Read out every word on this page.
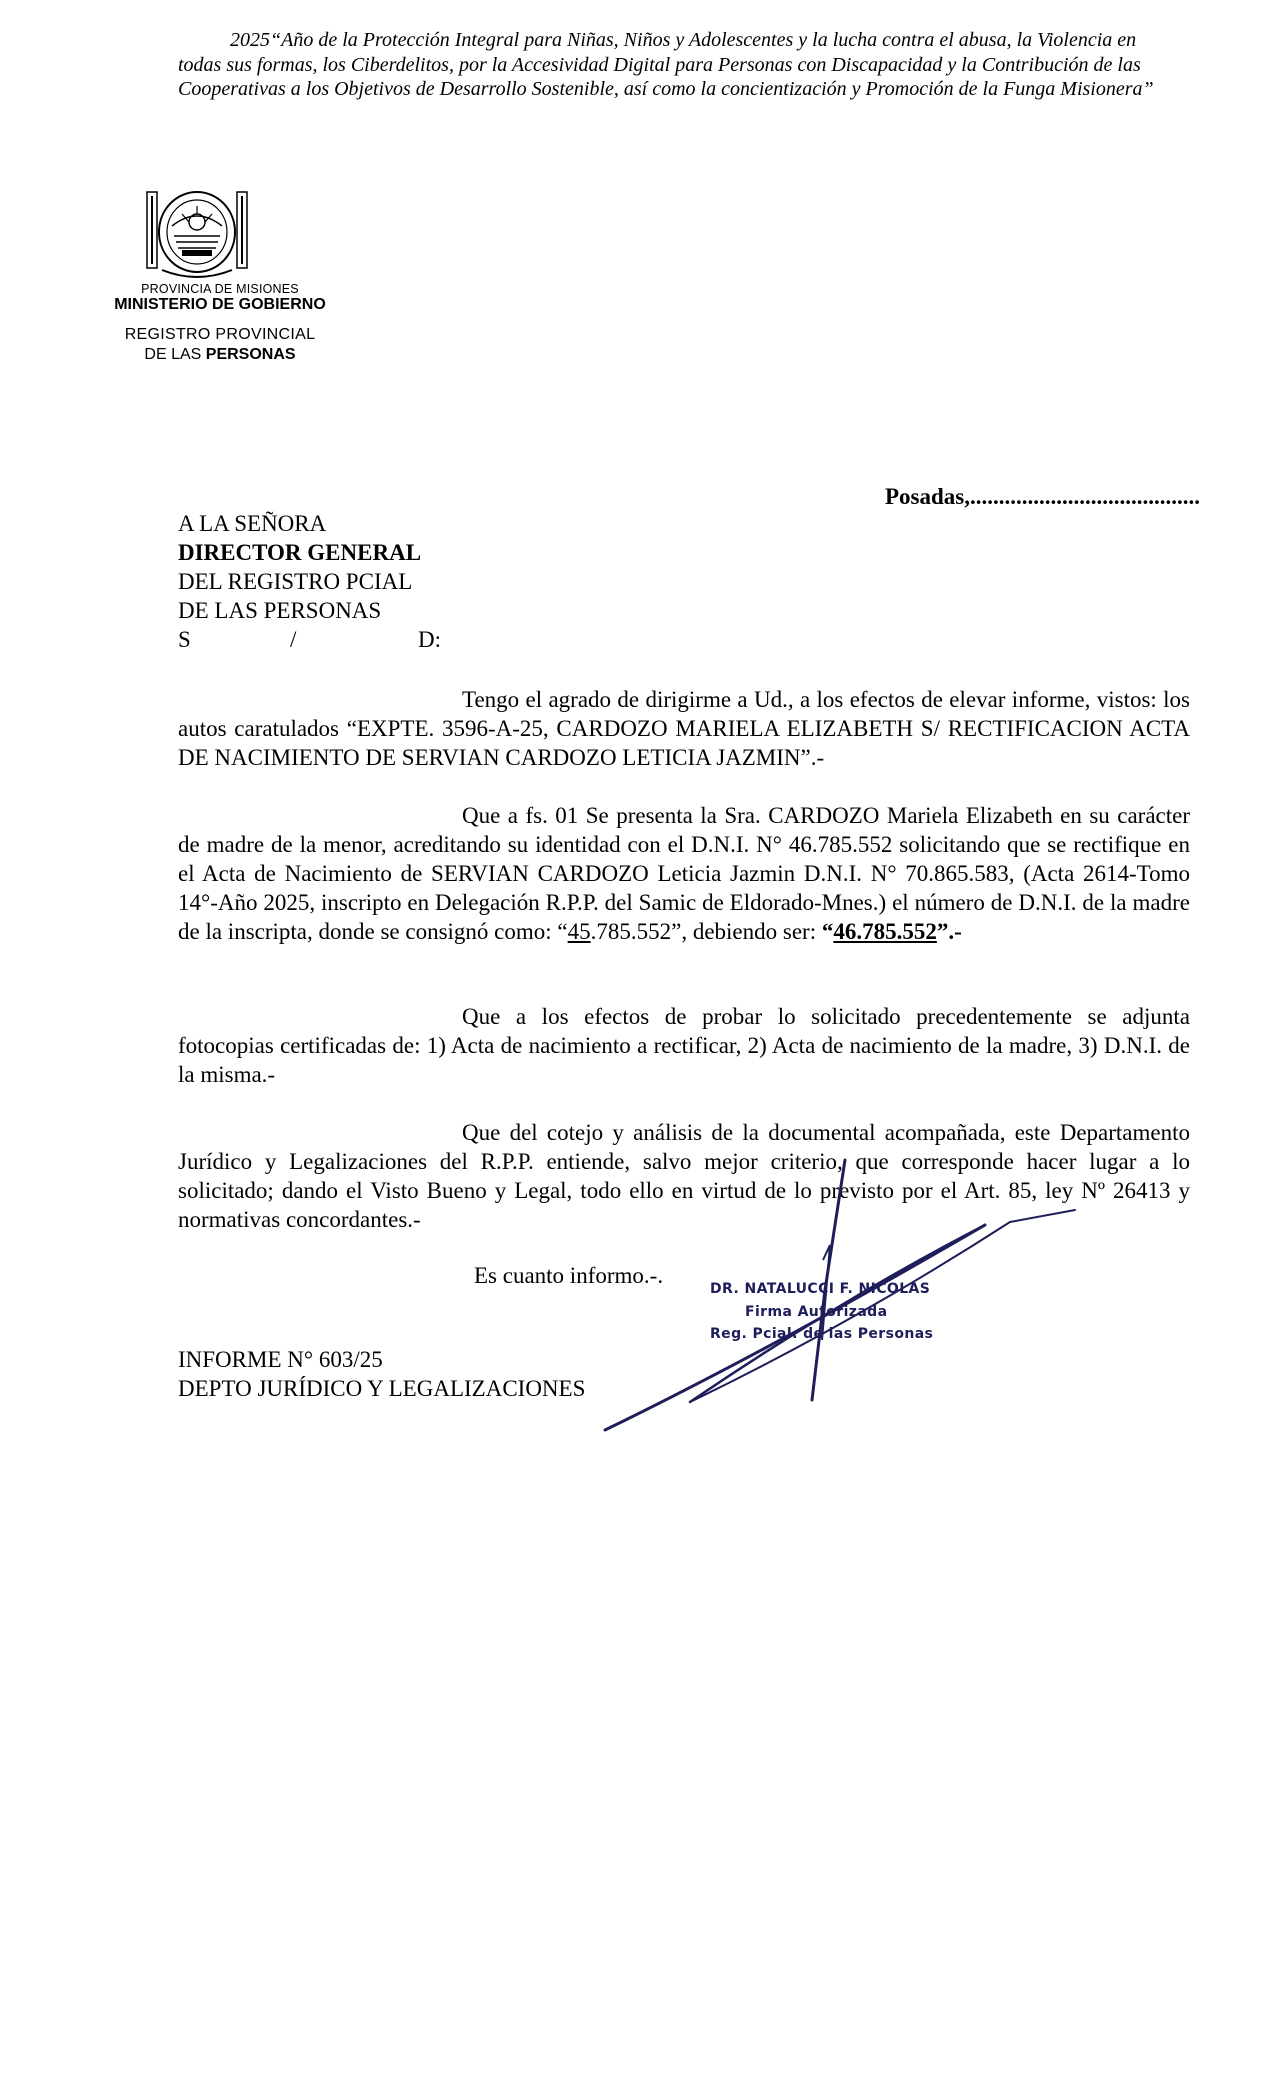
2025“Año de la Protección Integral para Niñas, Niños y Adolescentes y la lucha contra el abusa, la Violencia en todas sus formas, los Ciberdelitos, por la Accesividad Digital para Personas con Discapacidad y la Contribución de las Cooperativas a los Objetivos de Desarrollo Sostenible, así como la concientización y Promoción de la Funga Misionera”
PROVINCIA DE MISIONES
MINISTERIO DE GOBIERNO
REGISTRO PROVINCIAL
DE LAS PERSONAS
Posadas,........................................
A LA SEÑORA
DIRECTOR GENERAL
DEL REGISTRO PCIAL
DE LAS PERSONAS
S	/	D:
Tengo el agrado de dirigirme a Ud., a los efectos de elevar informe, vistos: los autos caratulados “EXPTE. 3596-A-25, CARDOZO MARIELA ELIZABETH S/ RECTIFICACION ACTA DE NACIMIENTO DE SERVIAN CARDOZO LETICIA JAZMIN”.-
Que a fs. 01 Se presenta la Sra. CARDOZO Mariela Elizabeth en su carácter de madre de la menor, acreditando su identidad con el D.N.I. N° 46.785.552 solicitando que se rectifique en el Acta de Nacimiento de SERVIAN CARDOZO Leticia Jazmin D.N.I. N° 70.865.583, (Acta 2614-Tomo 14°-Año 2025, inscripto en Delegación R.P.P. del Samic de Eldorado-Mnes.) el número de D.N.I. de la madre de la inscripta, donde se consignó como: “45.785.552”, debiendo ser: “46.785.552”.-
Que a los efectos de probar lo solicitado precedentemente se adjunta fotocopias certificadas de: 1) Acta de nacimiento a rectificar, 2) Acta de nacimiento de la madre, 3) D.N.I. de la misma.-
Que del cotejo y análisis de la documental acompañada, este Departamento Jurídico y Legalizaciones del R.P.P. entiende, salvo mejor criterio, que corresponde hacer lugar a lo solicitado; dando el Visto Bueno y Legal, todo ello en virtud de lo previsto por el Art. 85, ley Nº 26413 y normativas concordantes.-
Es cuanto informo.-.
INFORME N° 603/25
DEPTO JURÍDICO Y LEGALIZACIONES
DR. NATALUCCI F. NICOLAS
Firma Autorizada
Reg. Pcial. de las Personas
